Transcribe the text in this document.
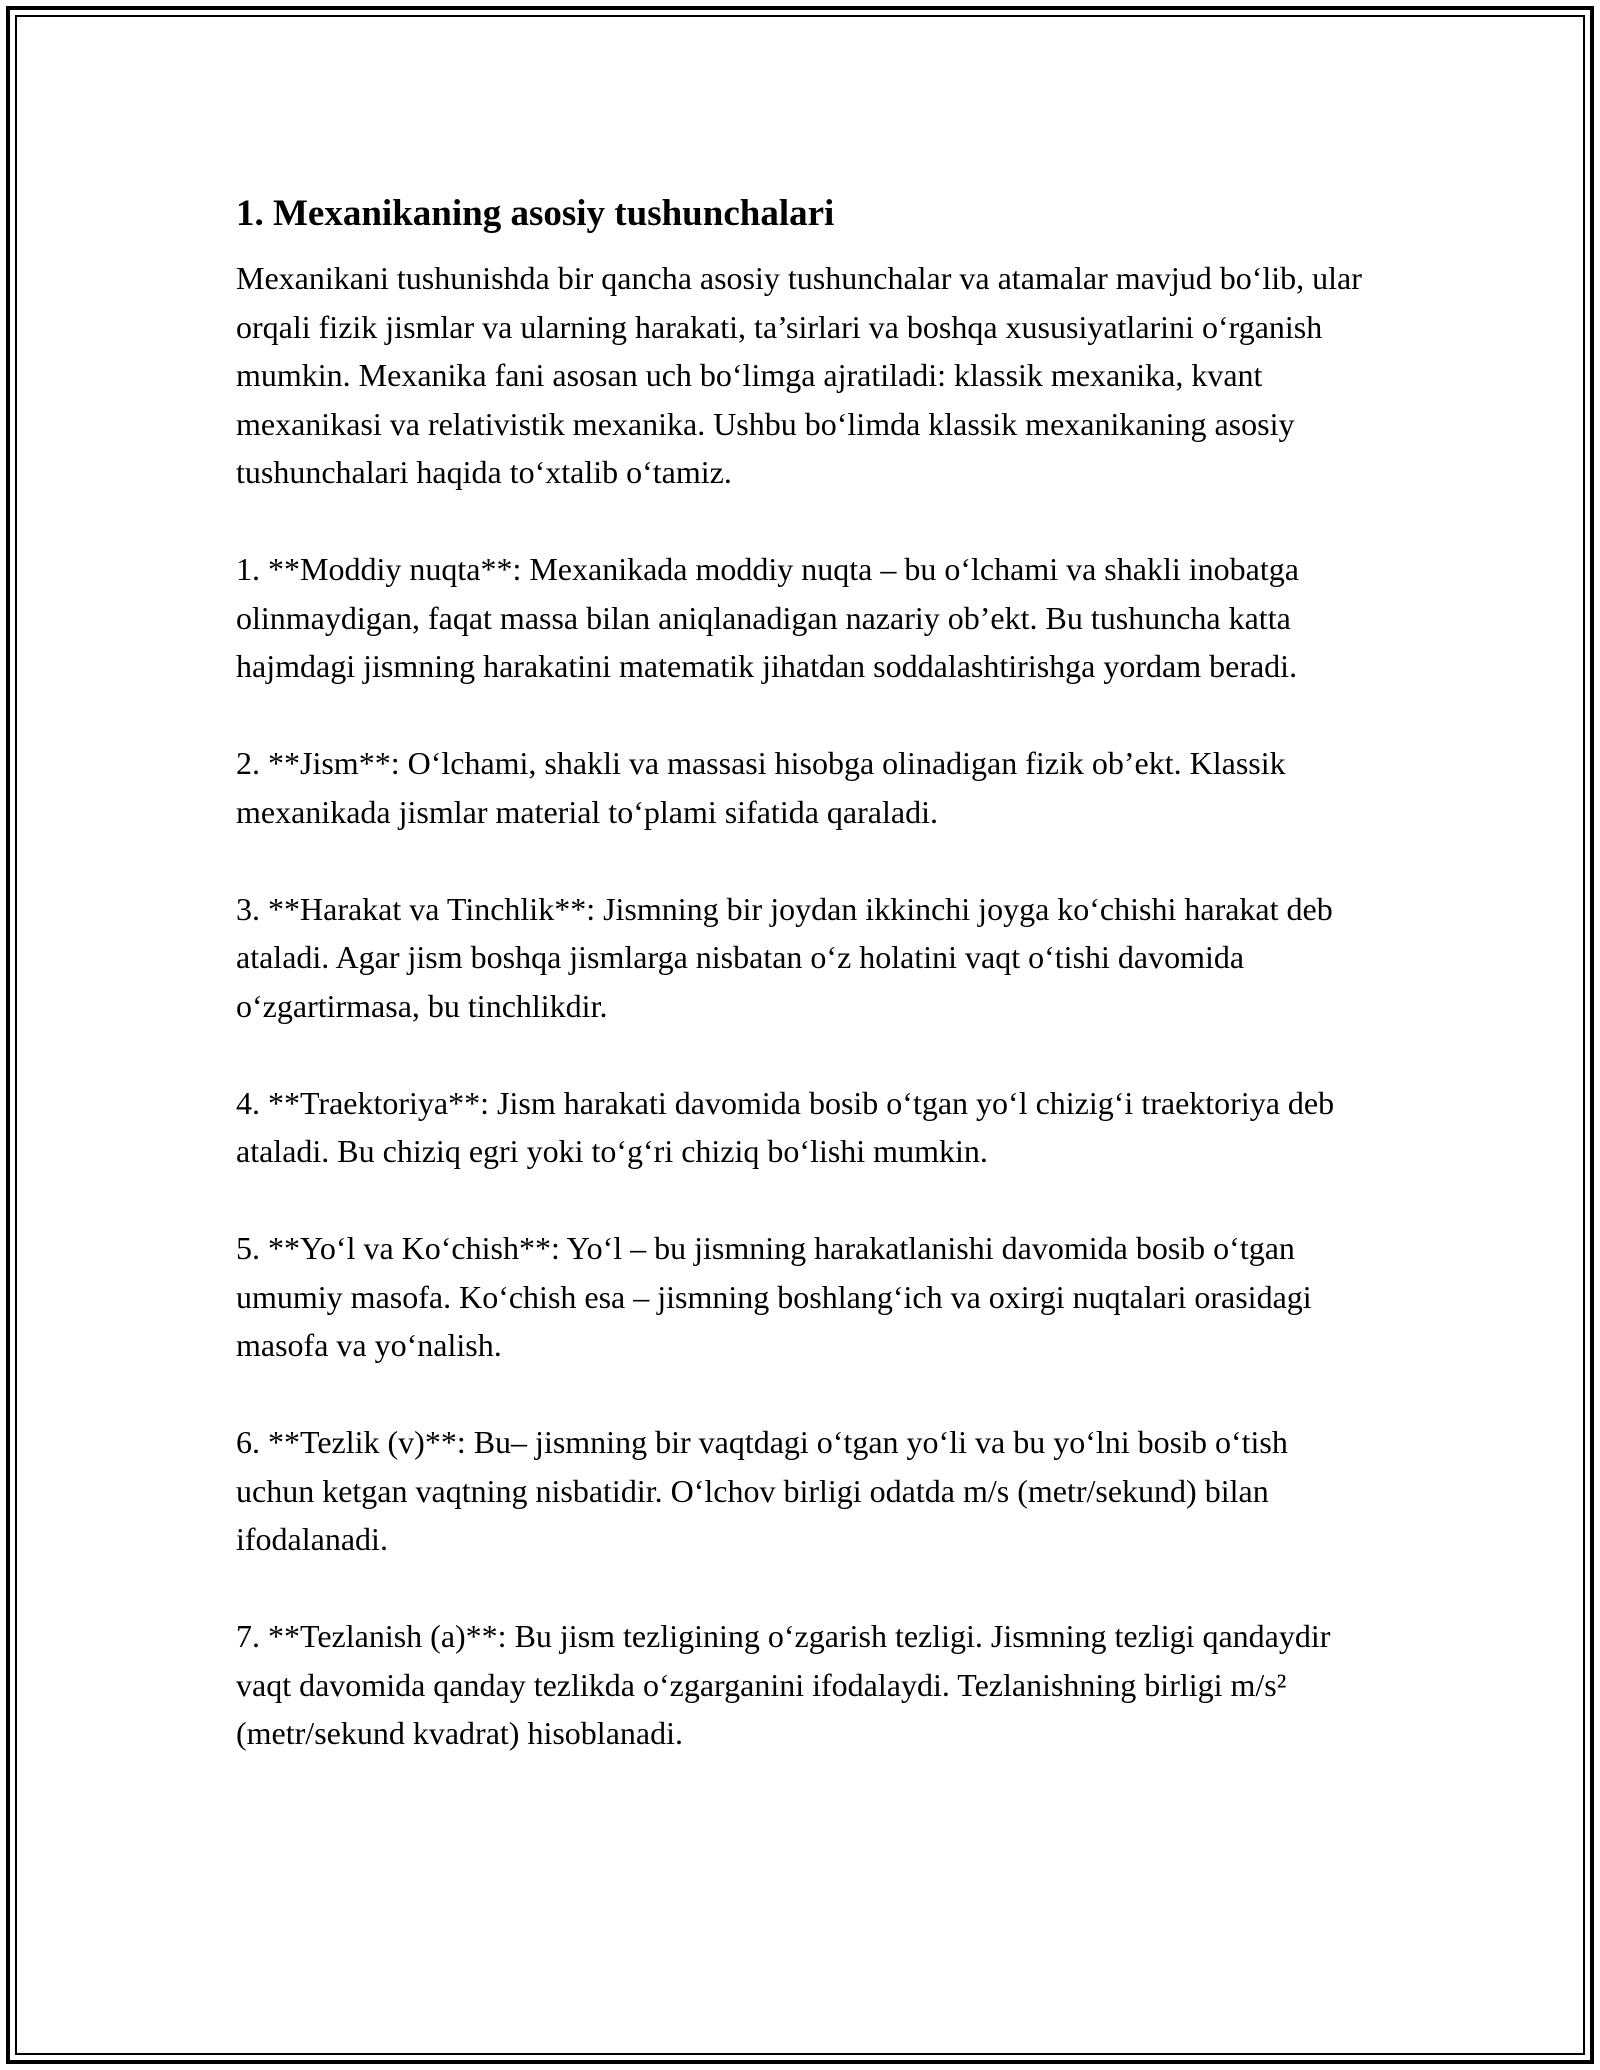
1. Mexanikaning asosiy tushunchalari

Mexanikani tushunishda bir qancha asosiy tushunchalar va atamalar mavjud bo‘lib, ular orqali fizik jismlar va ularning harakati, ta’sirlari va boshqa xususiyatlarini o‘rganish mumkin. Mexanika fani asosan uch bo‘limga ajratiladi: klassik mexanika, kvant mexanikasi va relativistik mexanika. Ushbu bo‘limda klassik mexanikaning asosiy tushunchalari haqida to‘xtalib o‘tamiz.

1. **Moddiy nuqta**: Mexanikada moddiy nuqta – bu o‘lchami va shakli inobatga olinmaydigan, faqat massa bilan aniqlanadigan nazariy ob’ekt. Bu tushuncha katta hajmdagi jismning harakatini matematik jihatdan soddalashtirishga yordam beradi.

2. **Jism**: O‘lchami, shakli va massasi hisobga olinadigan fizik ob’ekt. Klassik mexanikada jismlar material to‘plami sifatida qaraladi.

3. **Harakat va Tinchlik**: Jismning bir joydan ikkinchi joyga ko‘chishi harakat deb ataladi. Agar jism boshqa jismlarga nisbatan o‘z holatini vaqt o‘tishi davomida o‘zgartirmasa, bu tinchlikdir.

4. **Traektoriya**: Jism harakati davomida bosib o‘tgan yo‘l chizig‘i traektoriya deb ataladi. Bu chiziq egri yoki to‘g‘ri chiziq bo‘lishi mumkin.

5. **Yo‘l va Ko‘chish**: Yo‘l – bu jismning harakatlanishi davomida bosib o‘tgan umumiy masofa. Ko‘chish esa – jismning boshlang‘ich va oxirgi nuqtalari orasidagi masofa va yo‘nalish.

6. **Tezlik (v)**: Bu– jismning bir vaqtdagi o‘tgan yo‘li va bu yo‘lni bosib o‘tish uchun ketgan vaqtning nisbatidir. O‘lchov birligi odatda m/s (metr/sekund) bilan ifodalanadi.

7. **Tezlanish (a)**: Bu jism tezligining o‘zgarish tezligi. Jismning tezligi qandaydir vaqt davomida qanday tezlikda o‘zgarganini ifodalaydi. Tezlanishning birligi m/s² (metr/sekund kvadrat) hisoblanadi.
